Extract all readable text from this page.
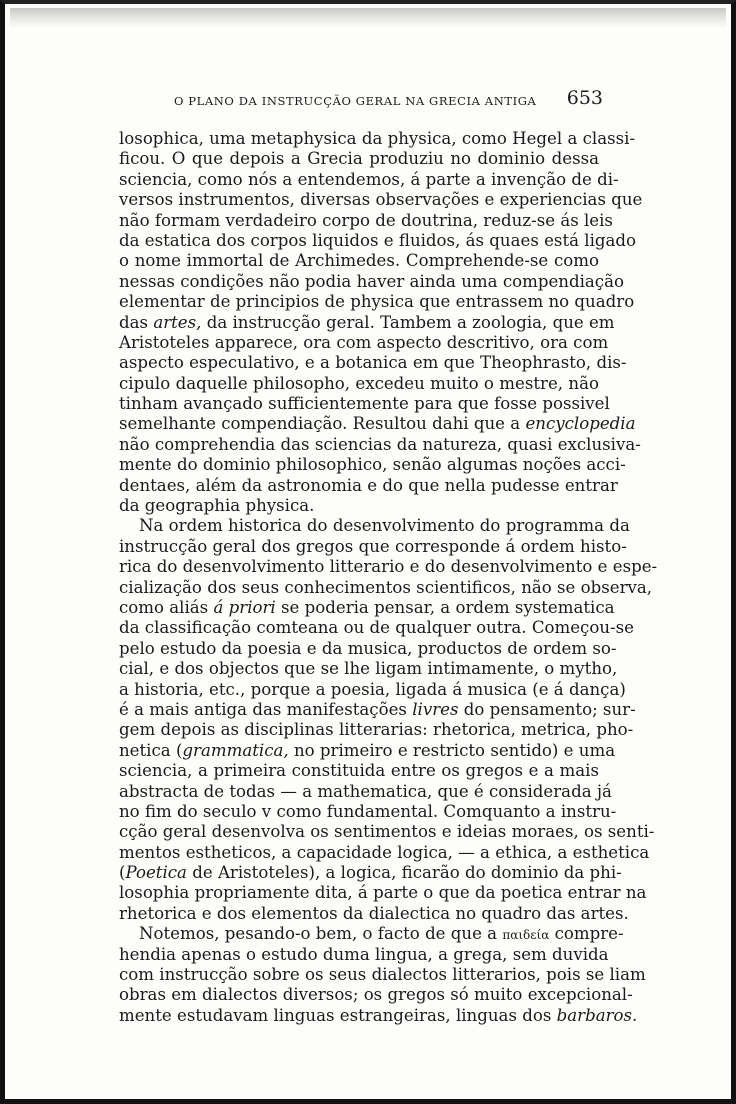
O PLANO DA INSTRUCÇÃO GERAL NA GRECIA ANTIGA 653

losophica, uma metaphysica da physica, como Hegel a classi-
ficou. O que depois a Grecia produziu no dominio dessa
sciencia, como nós a entendemos, á parte a invenção de di-
versos instrumentos, diversas observações e experiencias que
não formam verdadeiro corpo de doutrina, reduz-se ás leis
da estatica dos corpos liquidos e fluidos, ás quaes está ligado
o nome immortal de Archimedes. Comprehende-se como
nessas condições não podia haver ainda uma compendiação
elementar de principios de physica que entrassem no quadro
das artes, da instrucção geral. Tambem a zoologia, que em
Aristoteles apparece, ora com aspecto descritivo, ora com
aspecto especulativo, e a botanica em que Theophrasto, dis-
cipulo daquelle philosopho, excedeu muito o mestre, não
tinham avançado sufficientemente para que fosse possivel
semelhante compendiação. Resultou dahi que a encyclopedia
não comprehendia das sciencias da natureza, quasi exclusiva-
mente do dominio philosophico, senão algumas noções acci-
dentaes, além da astronomia e do que nella pudesse entrar
da geographia physica.

Na ordem historica do desenvolvimento do programma da
instrucção geral dos gregos que corresponde á ordem histo-
rica do desenvolvimento litterario e do desenvolvimento e espe-
cialização dos seus conhecimentos scientificos, não se observa,
como aliás á priori se poderia pensar, a ordem systematica
da classificação comteana ou de qualquer outra. Começou-se
pelo estudo da poesia e da musica, productos de ordem so-
cial, e dos objectos que se lhe ligam intimamente, o mytho,
a historia, etc., porque a poesia, ligada á musica (e á dança)
é a mais antiga das manifestações livres do pensamento; sur-
gem depois as disciplinas litterarias: rhetorica, metrica, pho-
netica (grammatica, no primeiro e restricto sentido) e uma
sciencia, a primeira constituida entre os gregos e a mais
abstracta de todas — a mathematica, que é considerada já
no fim do seculo v como fundamental. Comquanto a instru-
cção geral desenvolva os sentimentos e ideias moraes, os senti-
mentos estheticos, a capacidade logica, — a ethica, a esthetica
(Poetica de Aristoteles), a logica, ficarão do dominio da phi-
losophia propriamente dita, á parte o que da poetica entrar na
rhetorica e dos elementos da dialectica no quadro das artes.

Notemos, pesando-o bem, o facto de que a παιδεία compre-
hendia apenas o estudo duma lingua, a grega, sem duvida
com instrucção sobre os seus dialectos litterarios, pois se liam
obras em dialectos diversos; os gregos só muito excepcional-
mente estudavam linguas estrangeiras, linguas dos barbaros.
